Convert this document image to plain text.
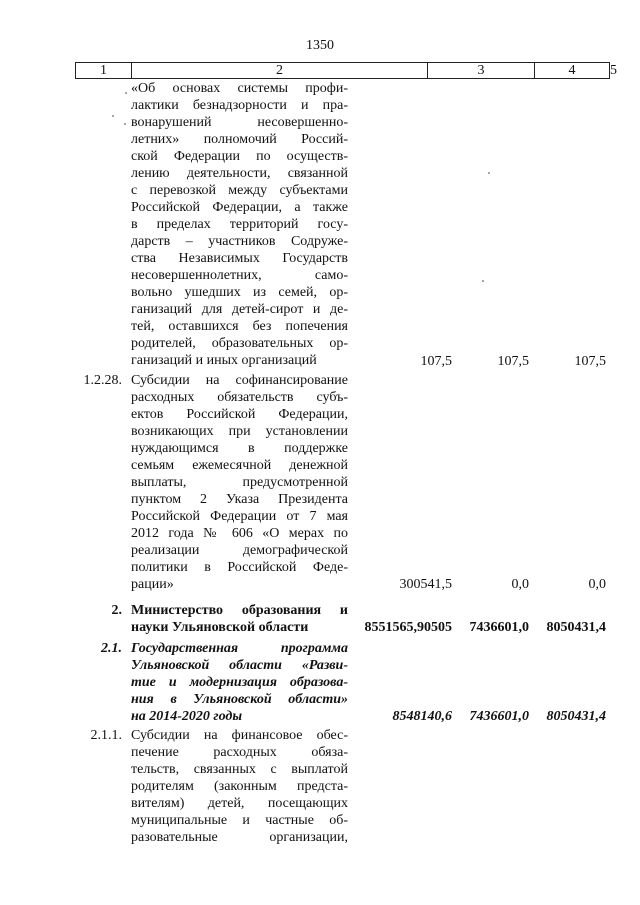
1350
1	2	3	4	5
«Об основах системы профи-
лактики безнадзорности и пра-
вонарушений несовершенно-
летних» полномочий Россий-
ской Федерации по осуществ-
лению деятельности, связанной
с перевозкой между субъектами
Российской Федерации, а также
в пределах территорий госу-
дарств – участников Содруже-
ства Независимых Государств
несовершеннолетних, само-
вольно ушедших из семей, ор-
ганизаций для детей-сирот и де-
тей, оставшихся без попечения
родителей, образовательных ор-
ганизаций и иных организаций	107,5	107,5	107,5
1.2.28. Субсидии на софинансирование
расходных обязательств субъ-
ектов Российской Федерации,
возникающих при установлении
нуждающимся в поддержке
семьям ежемесячной денежной
выплаты, предусмотренной
пунктом 2 Указа Президента
Российской Федерации от 7 мая
2012 года № 606 «О мерах по
реализации демографической
политики в Российской Феде-
рации»	300541,5	0,0	0,0
2. Министерство образования и
науки Ульяновской области	8551565,90505	7436601,0	8050431,4
2.1. Государственная программа
Ульяновской области «Разви-
тие и модернизация образова-
ния в Ульяновской области»
на 2014-2020 годы	8548140,6	7436601,0	8050431,4
2.1.1. Субсидии на финансовое обес-
печение расходных обяза-
тельств, связанных с выплатой
родителям (законным предста-
вителям) детей, посещающих
муниципальные и частные об-
разовательные организации,
